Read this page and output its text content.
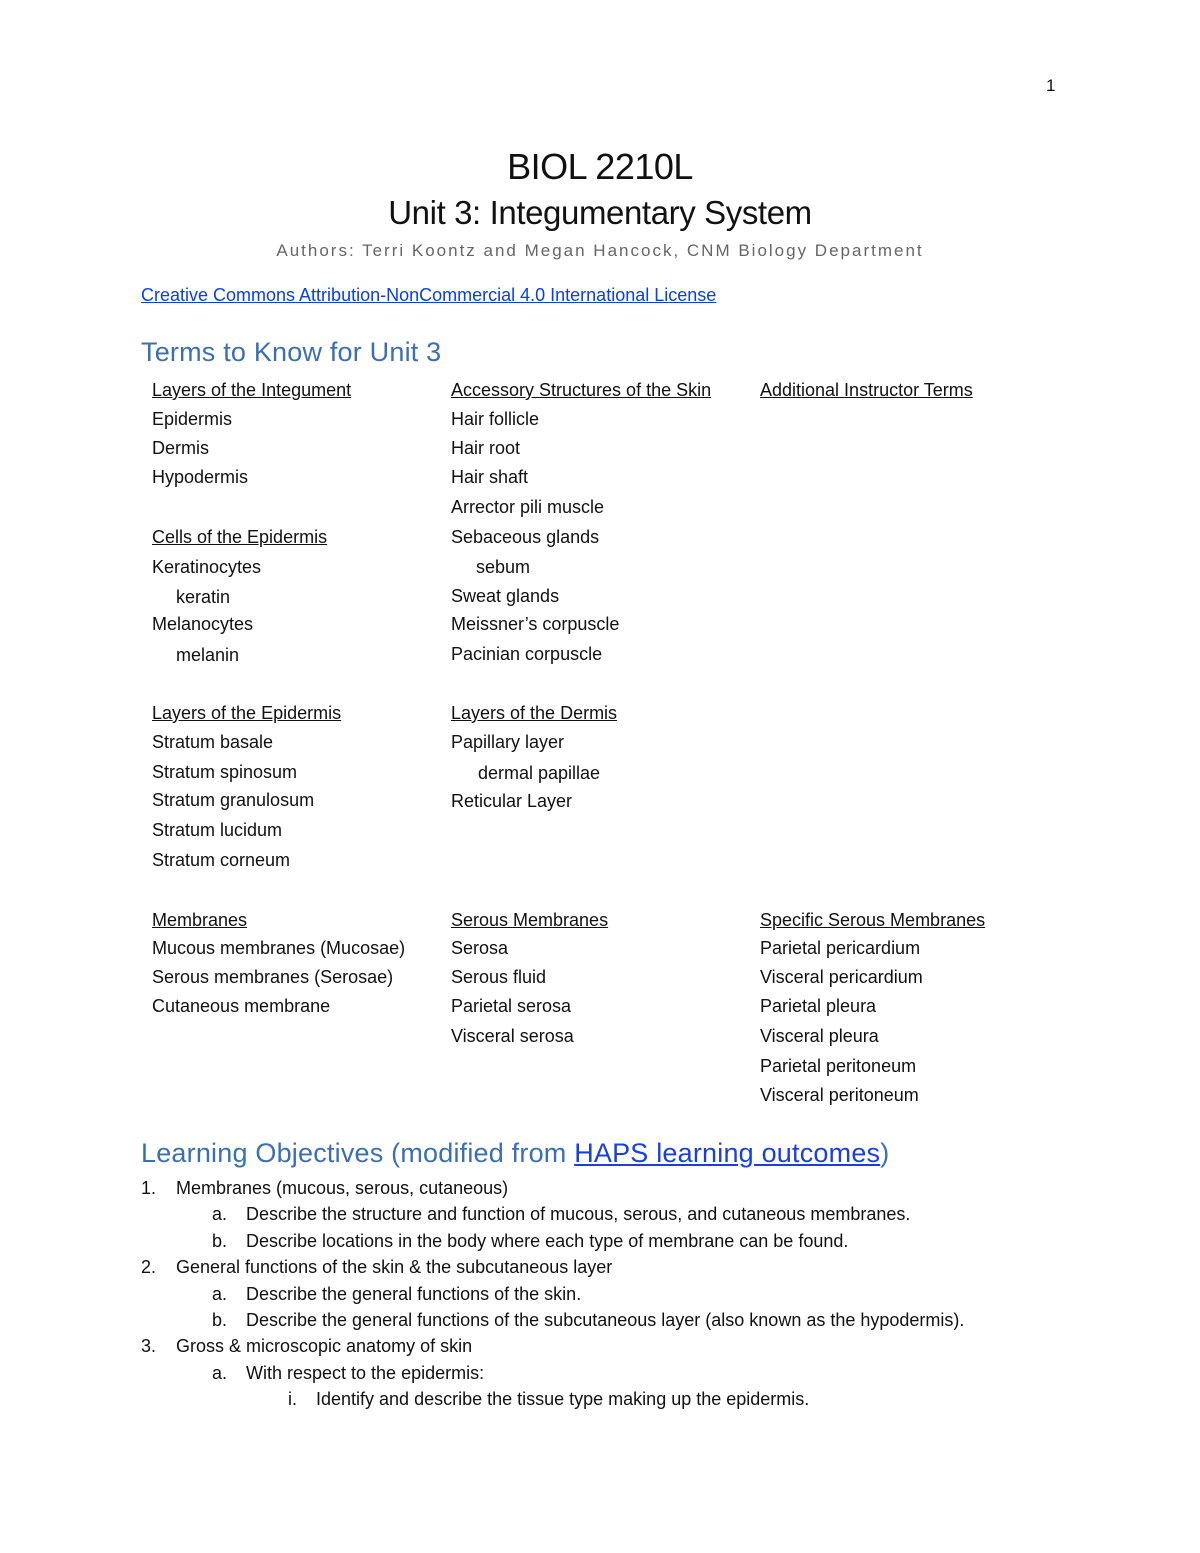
1
BIOL 2210L
Unit 3: Integumentary System
Authors: Terri Koontz and Megan Hancock, CNM Biology Department
Creative Commons Attribution-NonCommercial 4.0 International License
Terms to Know for Unit 3
Layers of the Integument
Epidermis
Dermis
Hypodermis
Cells of the Epidermis
Keratinocytes
keratin
Melanocytes
melanin
Layers of the Epidermis
Stratum basale
Stratum spinosum
Stratum granulosum
Stratum lucidum
Stratum corneum
Membranes
Mucous membranes (Mucosae)
Serous membranes (Serosae)
Cutaneous membrane
Accessory Structures of the Skin
Hair follicle
Hair root
Hair shaft
Arrector pili muscle
Sebaceous glands
sebum
Sweat glands
Meissner’s corpuscle
Pacinian corpuscle
Layers of the Dermis
Papillary layer
dermal papillae
Reticular Layer
Serous Membranes
Serosa
Serous fluid
Parietal serosa
Visceral serosa
Additional Instructor Terms
Specific Serous Membranes
Parietal pericardium
Visceral pericardium
Parietal pleura
Visceral pleura
Parietal peritoneum
Visceral peritoneum
Learning Objectives (modified from HAPS learning outcomes)
1. Membranes (mucous, serous, cutaneous)
a. Describe the structure and function of mucous, serous, and cutaneous membranes.
b. Describe locations in the body where each type of membrane can be found.
2. General functions of the skin & the subcutaneous layer
a. Describe the general functions of the skin.
b. Describe the general functions of the subcutaneous layer (also known as the hypodermis).
3. Gross & microscopic anatomy of skin
a. With respect to the epidermis:
i. Identify and describe the tissue type making up the epidermis.
